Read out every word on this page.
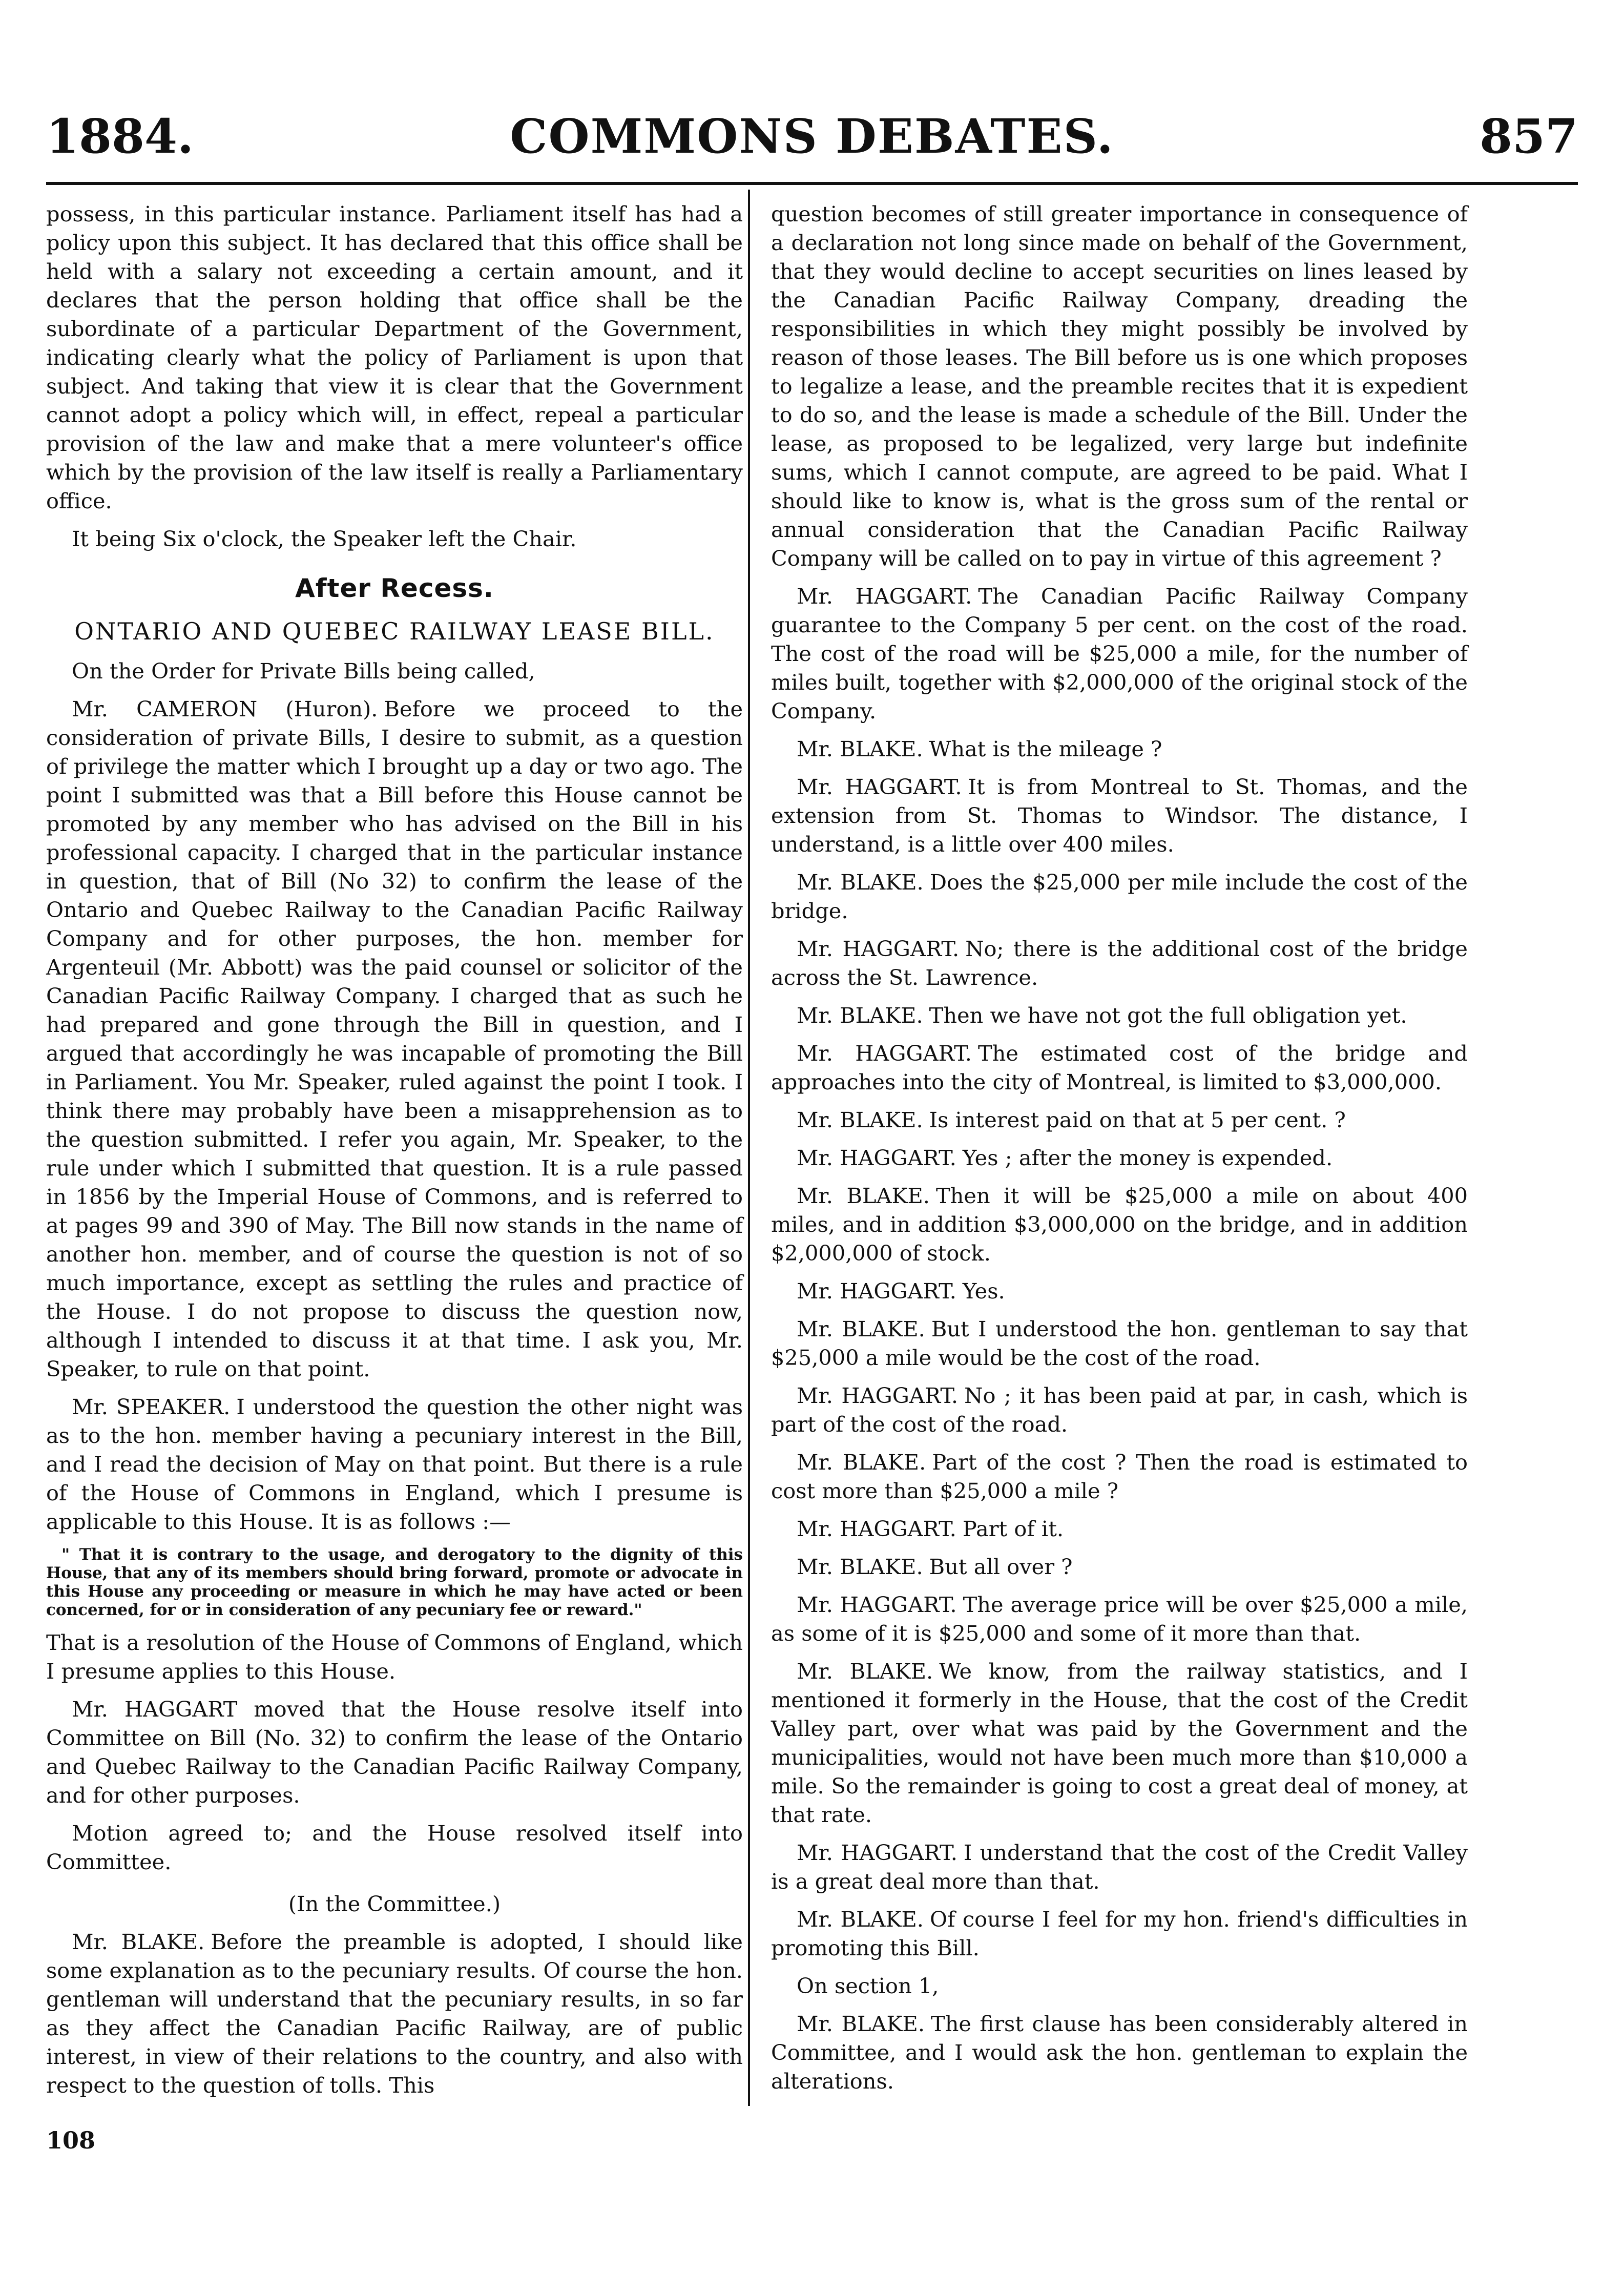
COMMONS DEBATES.
1884.	857

possess, in this particular instance. Parliament itself has had a policy upon this subject. It has declared that this office shall be held with a salary not exceeding a certain amount, and it declares that the person holding that office shall be the subordinate of a particular Department of the Government, indicating clearly what the policy of Parliament is upon that subject. And taking that view it is clear that the Government cannot adopt a policy which will, in effect, repeal a particular provision of the law and make that a mere volunteer's office which by the provision of the law itself is really a Parliamentary office.

It being Six o'clock, the Speaker left the Chair.

After Recess.
ONTARIO AND QUEBEC RAILWAY LEASE BILL.

On the Order for Private Bills being called,

Mr. CAMERON (Huron). Before we proceed to the consideration of private Bills, I desire to submit, as a question of privilege the matter which I brought up a day or two ago. The point I submitted was that a Bill before this House cannot be promoted by any member who has advised on the Bill in his professional capacity. I charged that in the particular instance in question, that of Bill (No 32) to confirm the lease of the Ontario and Quebec Railway to the Canadian Pacific Railway Company and for other purposes, the hon. member for Argenteuil (Mr. Abbott) was the paid counsel or solicitor of the Canadian Pacific Railway Company. I charged that as such he had prepared and gone through the Bill in question, and I argued that accordingly he was incapable of promoting the Bill in Parliament. You Mr. Speaker, ruled against the point I took. I think there may probably have been a misapprehension as to the question submitted. I refer you again, Mr. Speaker, to the rule under which I submitted that question. It is a rule passed in 1856 by the Imperial House of Commons, and is referred to at pages 99 and 390 of May. The Bill now stands in the name of another hon. member, and of course the question is not of so much importance, except as settling the rules and practice of the House. I do not propose to discuss the question now, although I intended to discuss it at that time. I ask you, Mr. Speaker, to rule on that point.

Mr. SPEAKER. I understood the question the other night was as to the hon. member having a pecuniary interest in the Bill, and I read the decision of May on that point. But there is a rule of the House of Commons in England, which I presume is applicable to this House. It is as follows :—

" That it is contrary to the usage, and derogatory to the dignity of this House, that any of its members should bring forward, promote or advocate in this House any proceeding or measure in which he may have acted or been concerned, for or in consideration of any pecuniary fee or reward."

That is a resolution of the House of Commons of England, which I presume applies to this House.

Mr. HAGGART moved that the House resolve itself into Committee on Bill (No. 32) to confirm the lease of the Ontario and Quebec Railway to the Canadian Pacific Railway Company, and for other purposes.

Motion agreed to; and the House resolved itself into Committee.

(In the Committee.)

Mr. BLAKE. Before the preamble is adopted, I should like some explanation as to the pecuniary results. Of course the hon. gentleman will understand that the pecuniary results, in so far as they affect the Canadian Pacific Railway, are of public interest, in view of their relations to the country, and also with respect to the question of tolls. This

108

question becomes of still greater importance in consequence of a declaration not long since made on behalf of the Government, that they would decline to accept securities on lines leased by the Canadian Pacific Railway Company, dreading the responsibilities in which they might possibly be involved by reason of those leases. The Bill before us is one which proposes to legalize a lease, and the preamble recites that it is expedient to do so, and the lease is made a schedule of the Bill. Under the lease, as proposed to be legalized, very large but indefinite sums, which I cannot compute, are agreed to be paid. What I should like to know is, what is the gross sum of the rental or annual consideration that the Canadian Pacific Railway Company will be called on to pay in virtue of this agreement ?

Mr. HAGGART. The Canadian Pacific Railway Company guarantee to the Company 5 per cent. on the cost of the road. The cost of the road will be $25,000 a mile, for the number of miles built, together with $2,000,000 of the original stock of the Company.

Mr. BLAKE. What is the mileage ?

Mr. HAGGART. It is from Montreal to St. Thomas, and the extension from St. Thomas to Windsor. The distance, I understand, is a little over 400 miles.

Mr. BLAKE. Does the $25,000 per mile include the cost of the bridge.

Mr. HAGGART. No; there is the additional cost of the bridge across the St. Lawrence.

Mr. BLAKE. Then we have not got the full obligation yet.

Mr. HAGGART. The estimated cost of the bridge and approaches into the city of Montreal, is limited to $3,000,000.

Mr. BLAKE. Is interest paid on that at 5 per cent. ?

Mr. HAGGART. Yes ; after the money is expended.

Mr. BLAKE. Then it will be $25,000 a mile on about 400 miles, and in addition $3,000,000 on the bridge, and in addition $2,000,000 of stock.

Mr. HAGGART. Yes.

Mr. BLAKE. But I understood the hon. gentleman to say that $25,000 a mile would be the cost of the road.

Mr. HAGGART. No ; it has been paid at par, in cash, which is part of the cost of the road.

Mr. BLAKE. Part of the cost ? Then the road is estimated to cost more than $25,000 a mile ?

Mr. HAGGART. Part of it.

Mr. BLAKE. But all over ?

Mr. HAGGART. The average price will be over $25,000 a mile, as some of it is $25,000 and some of it more than that.

Mr. BLAKE. We know, from the railway statistics, and I mentioned it formerly in the House, that the cost of the Credit Valley part, over what was paid by the Government and the municipalities, would not have been much more than $10,000 a mile. So the remainder is going to cost a great deal of money, at that rate.

Mr. HAGGART. I understand that the cost of the Credit Valley is a great deal more than that.

Mr. BLAKE. Of course I feel for my hon. friend's difficulties in promoting this Bill.

On section 1,

Mr. BLAKE. The first clause has been considerably altered in Committee, and I would ask the hon. gentleman to explain the alterations.
